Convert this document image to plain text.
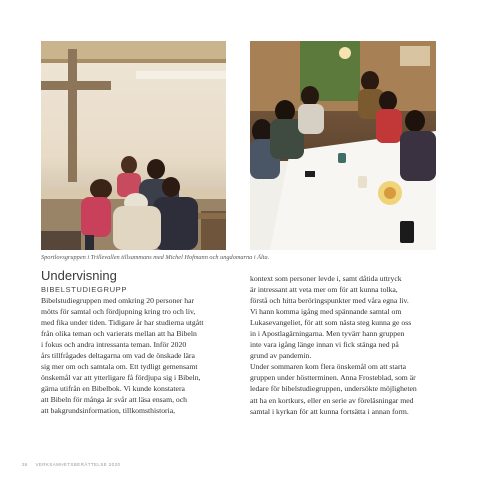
Sportlovsgruppen i Trillevallen tillsammans med Michel Hofmann och ungdomarna i Älta.
Undervisning
BIBELSTUDIEGRUPP
Bibelstudiegruppen med omkring 20 personer har
mötts för samtal och fördjupning kring tro och liv,
med fika under tiden. Tidigare år har studierna utgått
från olika teman och varierats mellan att ha Bibeln
i fokus och andra intressanta teman. Inför 2020
års tillfrågades deltagarna om vad de önskade lära
sig mer om och samtala om. Ett tydligt gemensamt
önskemål var att ytterligare få fördjupa sig i Bibeln,
gärna utifrån en Bibelbok. Vi kunde konstatera
att Bibeln för många är svår att läsa ensam, och
att bakgrundsinformation, tillkomsthistoria,
kontext som personer levde i, samt dåtida uttryck
är intressant att veta mer om för att kunna tolka,
förstå och hitta beröringspunkter med våra egna liv.
Vi hann komma igång med spännande samtal om
Lukasevangeliet, för att som nästa steg kunna ge oss
in i Apostlagärningarna. Men tyvärr hann gruppen
inte vara igång länge innan vi fick stänga ned på
grund av pandemin.
Under sommaren kom flera önskemål om att starta
gruppen under höstterminen. Anna Frosteblad, som är
ledare för bibelstudiegruppen, undersökte möjligheten
att ha en kortkurs, eller en serie av föreläsningar med
samtal i kyrkan för att kunna fortsätta i annan form.
36 VERKSAMHETSBERÄTTELSE 2020
